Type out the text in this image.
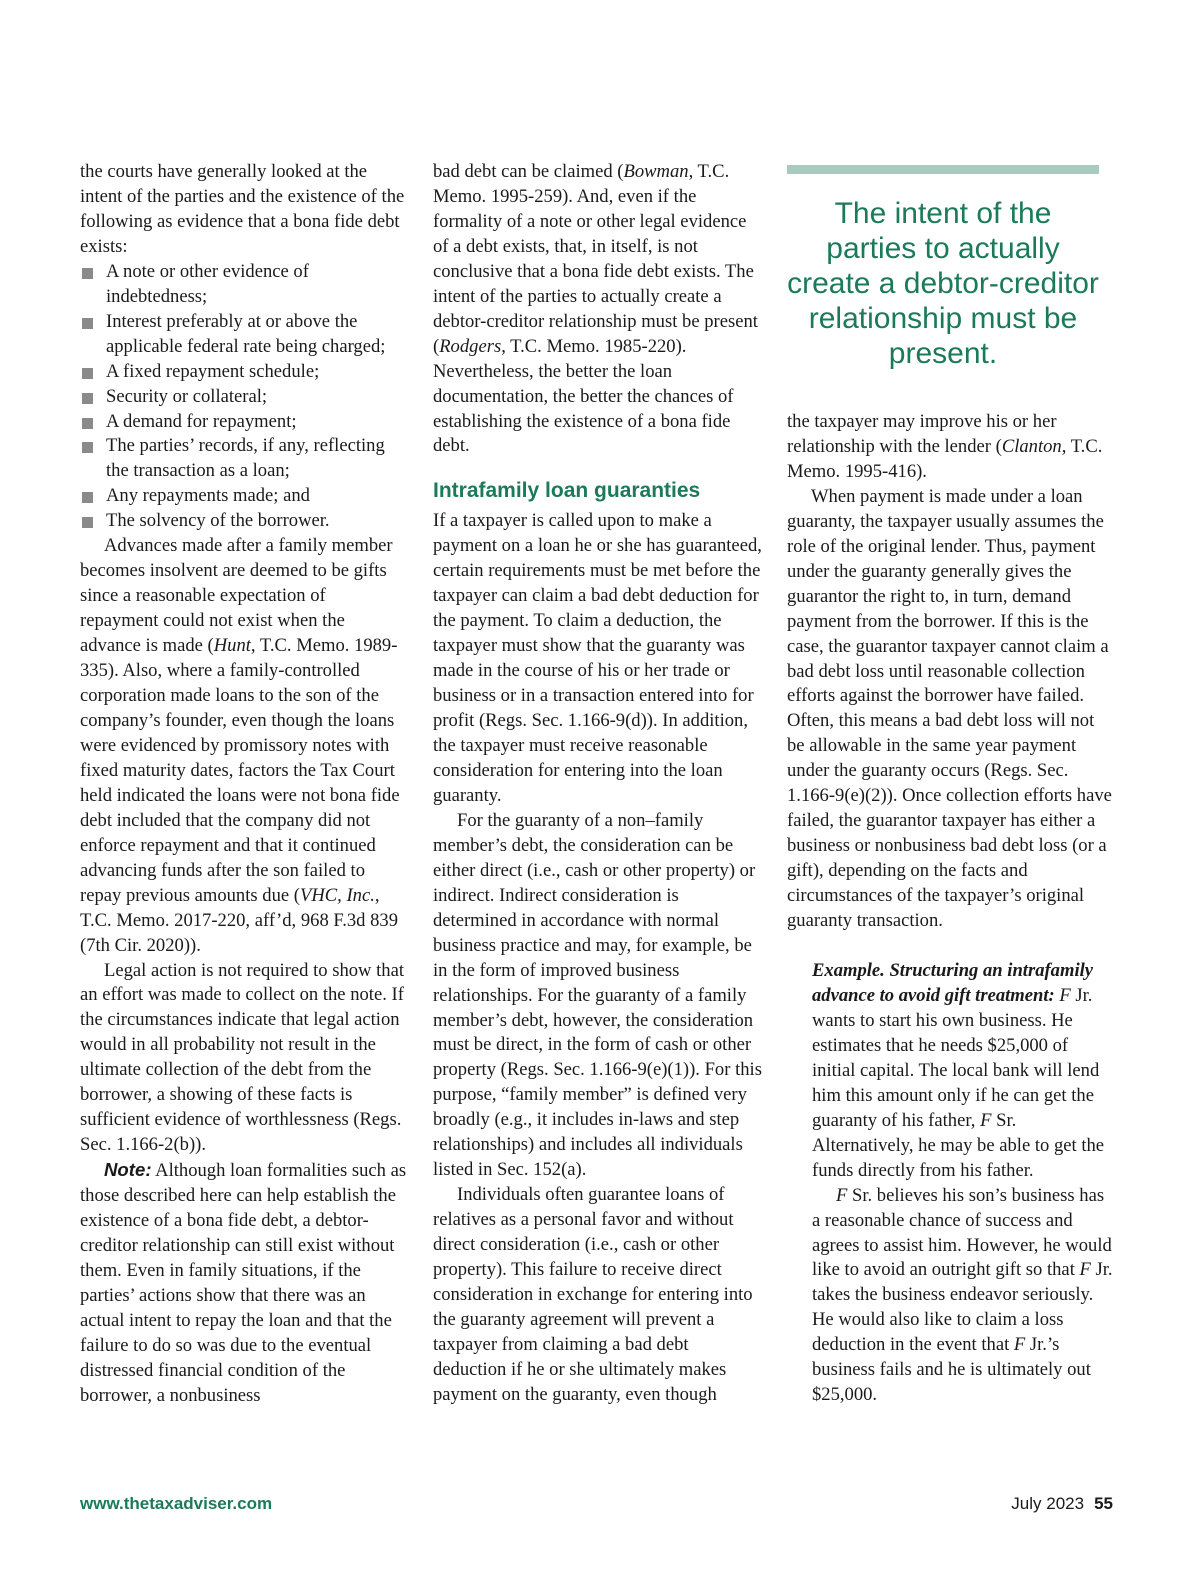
the courts have generally looked at the intent of the parties and the existence of the following as evidence that a bona fide debt exists:

A note or other evidence of indebtedness;
Interest preferably at or above the applicable federal rate being charged;
A fixed repayment schedule;
Security or collateral;
A demand for repayment;
The parties’ records, if any, reflecting the transaction as a loan;
Any repayments made; and
The solvency of the borrower.

Advances made after a family member becomes insolvent are deemed to be gifts since a reasonable expectation of repayment could not exist when the advance is made (Hunt, T.C. Memo. 1989-335). Also, where a family-controlled corporation made loans to the son of the company’s founder, even though the loans were evidenced by promissory notes with fixed maturity dates, factors the Tax Court held indicated the loans were not bona fide debt included that the company did not enforce repayment and that it continued advancing funds after the son failed to repay previous amounts due (VHC, Inc., T.C. Memo. 2017-220, aff’d, 968 F.3d 839 (7th Cir. 2020)).

Legal action is not required to show that an effort was made to collect on the note. If the circumstances indicate that legal action would in all probability not result in the ultimate collection of the debt from the borrower, a showing of these facts is sufficient evidence of worthlessness (Regs. Sec. 1.166-2(b)).

Note: Although loan formalities such as those described here can help establish the existence of a bona fide debt, a debtor-creditor relationship can still exist without them. Even in family situations, if the parties’ actions show that there was an actual intent to repay the loan and that the failure to do so was due to the eventual distressed financial condition of the borrower, a nonbusiness

bad debt can be claimed (Bowman, T.C. Memo. 1995-259). And, even if the formality of a note or other legal evidence of a debt exists, that, in itself, is not conclusive that a bona fide debt exists. The intent of the parties to actually create a debtor-creditor relationship must be present (Rodgers, T.C. Memo. 1985-220). Nevertheless, the better the loan documentation, the better the chances of establishing the existence of a bona fide debt.

Intrafamily loan guaranties

If a taxpayer is called upon to make a payment on a loan he or she has guaranteed, certain requirements must be met before the taxpayer can claim a bad debt deduction for the payment. To claim a deduction, the taxpayer must show that the guaranty was made in the course of his or her trade or business or in a transaction entered into for profit (Regs. Sec. 1.166-9(d)). In addition, the taxpayer must receive reasonable consideration for entering into the loan guaranty.

For the guaranty of a non–family member’s debt, the consideration can be either direct (i.e., cash or other property) or indirect. Indirect consideration is determined in accordance with normal business practice and may, for example, be in the form of improved business relationships. For the guaranty of a family member’s debt, however, the consideration must be direct, in the form of cash or other property (Regs. Sec. 1.166-9(e)(1)). For this purpose, “family member” is defined very broadly (e.g., it includes in-laws and step relationships) and includes all individuals listed in Sec. 152(a).

Individuals often guarantee loans of relatives as a personal favor and without direct consideration (i.e., cash or other property). This failure to receive direct consideration in exchange for entering into the guaranty agreement will prevent a taxpayer from claiming a bad debt deduction if he or she ultimately makes payment on the guaranty, even though

The intent of the parties to actually create a debtor-creditor relationship must be present.

the taxpayer may improve his or her relationship with the lender (Clanton, T.C. Memo. 1995-416).

When payment is made under a loan guaranty, the taxpayer usually assumes the role of the original lender. Thus, payment under the guaranty generally gives the guarantor the right to, in turn, demand payment from the borrower. If this is the case, the guarantor taxpayer cannot claim a bad debt loss until reasonable collection efforts against the borrower have failed. Often, this means a bad debt loss will not be allowable in the same year payment under the guaranty occurs (Regs. Sec. 1.166-9(e)(2)). Once collection efforts have failed, the guarantor taxpayer has either a business or nonbusiness bad debt loss (or a gift), depending on the facts and circumstances of the taxpayer’s original guaranty transaction.

Example. Structuring an intrafamily advance to avoid gift treatment: F Jr. wants to start his own business. He estimates that he needs $25,000 of initial capital. The local bank will lend him this amount only if he can get the guaranty of his father, F Sr. Alternatively, he may be able to get the funds directly from his father.

F Sr. believes his son’s business has a reasonable chance of success and agrees to assist him. However, he would like to avoid an outright gift so that F Jr. takes the business endeavor seriously. He would also like to claim a loss deduction in the event that F Jr.’s business fails and he is ultimately out $25,000.

www.thetaxadviser.com	July 2023 55
